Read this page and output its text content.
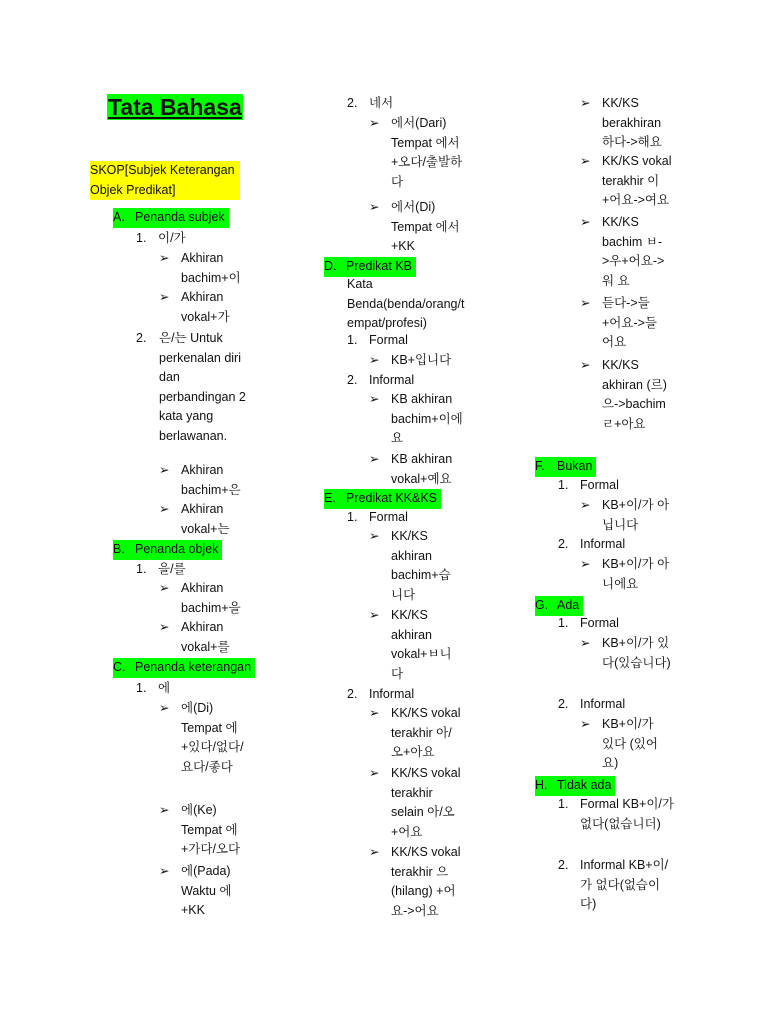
Tata Bahasa
SKOP[Subjek Keterangan Objek Predikat]
A. Penanda subjek
1. 이/가
➢ Akhiran bachim+이
➢ Akhiran vokal+가
2. 은/는 Untuk perkenalan diri dan perbandingan 2 kata yang berlawanan.
➢ Akhiran bachim+은
➢ Akhiran vokal+는
B. Penanda objek
1. 을/를
➢ Akhiran bachim+을
➢ Akhiran vokal+를
C. Penanda keterangan
1. 에
➢ 에(Di) Tempat 에+있다/없다/요다/좋다
➢ 에(Ke) Tempat 에+가다/오다
➢ 에(Pada) Waktu 에+KK
2. 네서
➢ 에서(Dari) Tempat 에서+오다/출발하다
➢ 에서(Di) Tempat 에서+KK
D. Predikat KB
Kata Benda(benda/orang/tempat/profesi)
1. Formal
➢ KB+입니다
2. Informal
➢ KB akhiran bachim+이에요
➢ KB akhiran vokal+예요
E. Predikat KK&KS
1. Formal
➢ KK/KS akhiran bachim+습니다
➢ KK/KS akhiran vokal+ㅂ니다
2. Informal
➢ KK/KS vokal terakhir 아/오+아요
➢ KK/KS vokal terakhir selain 아/오+어요
➢ KK/KS vokal terakhir 으(hilang) +어요->어요
➢ KK/KS berakhiran 하다->해요
➢ KK/KS vokal terakhir 이+어요->여요
➢ KK/KS bachim ㅂ->우+어요->워 요
➢ 듣다->들+어요->들어요
➢ KK/KS akhiran (르) 으->bachim ㄹ+아요
F. Bukan
1. Formal
➢ KB+이/가 아닙니다
2. Informal
➢ KB+이/가 아니에요
G. Ada
1. Formal
➢ KB+이/가 있다(있습니다)
2. Informal
➢ KB+이/가 있다 (있어요)
H. Tidak ada
1. Formal KB+이/가 없다(없습니더)
2. Informal KB+이/가 없다(없습이다)
